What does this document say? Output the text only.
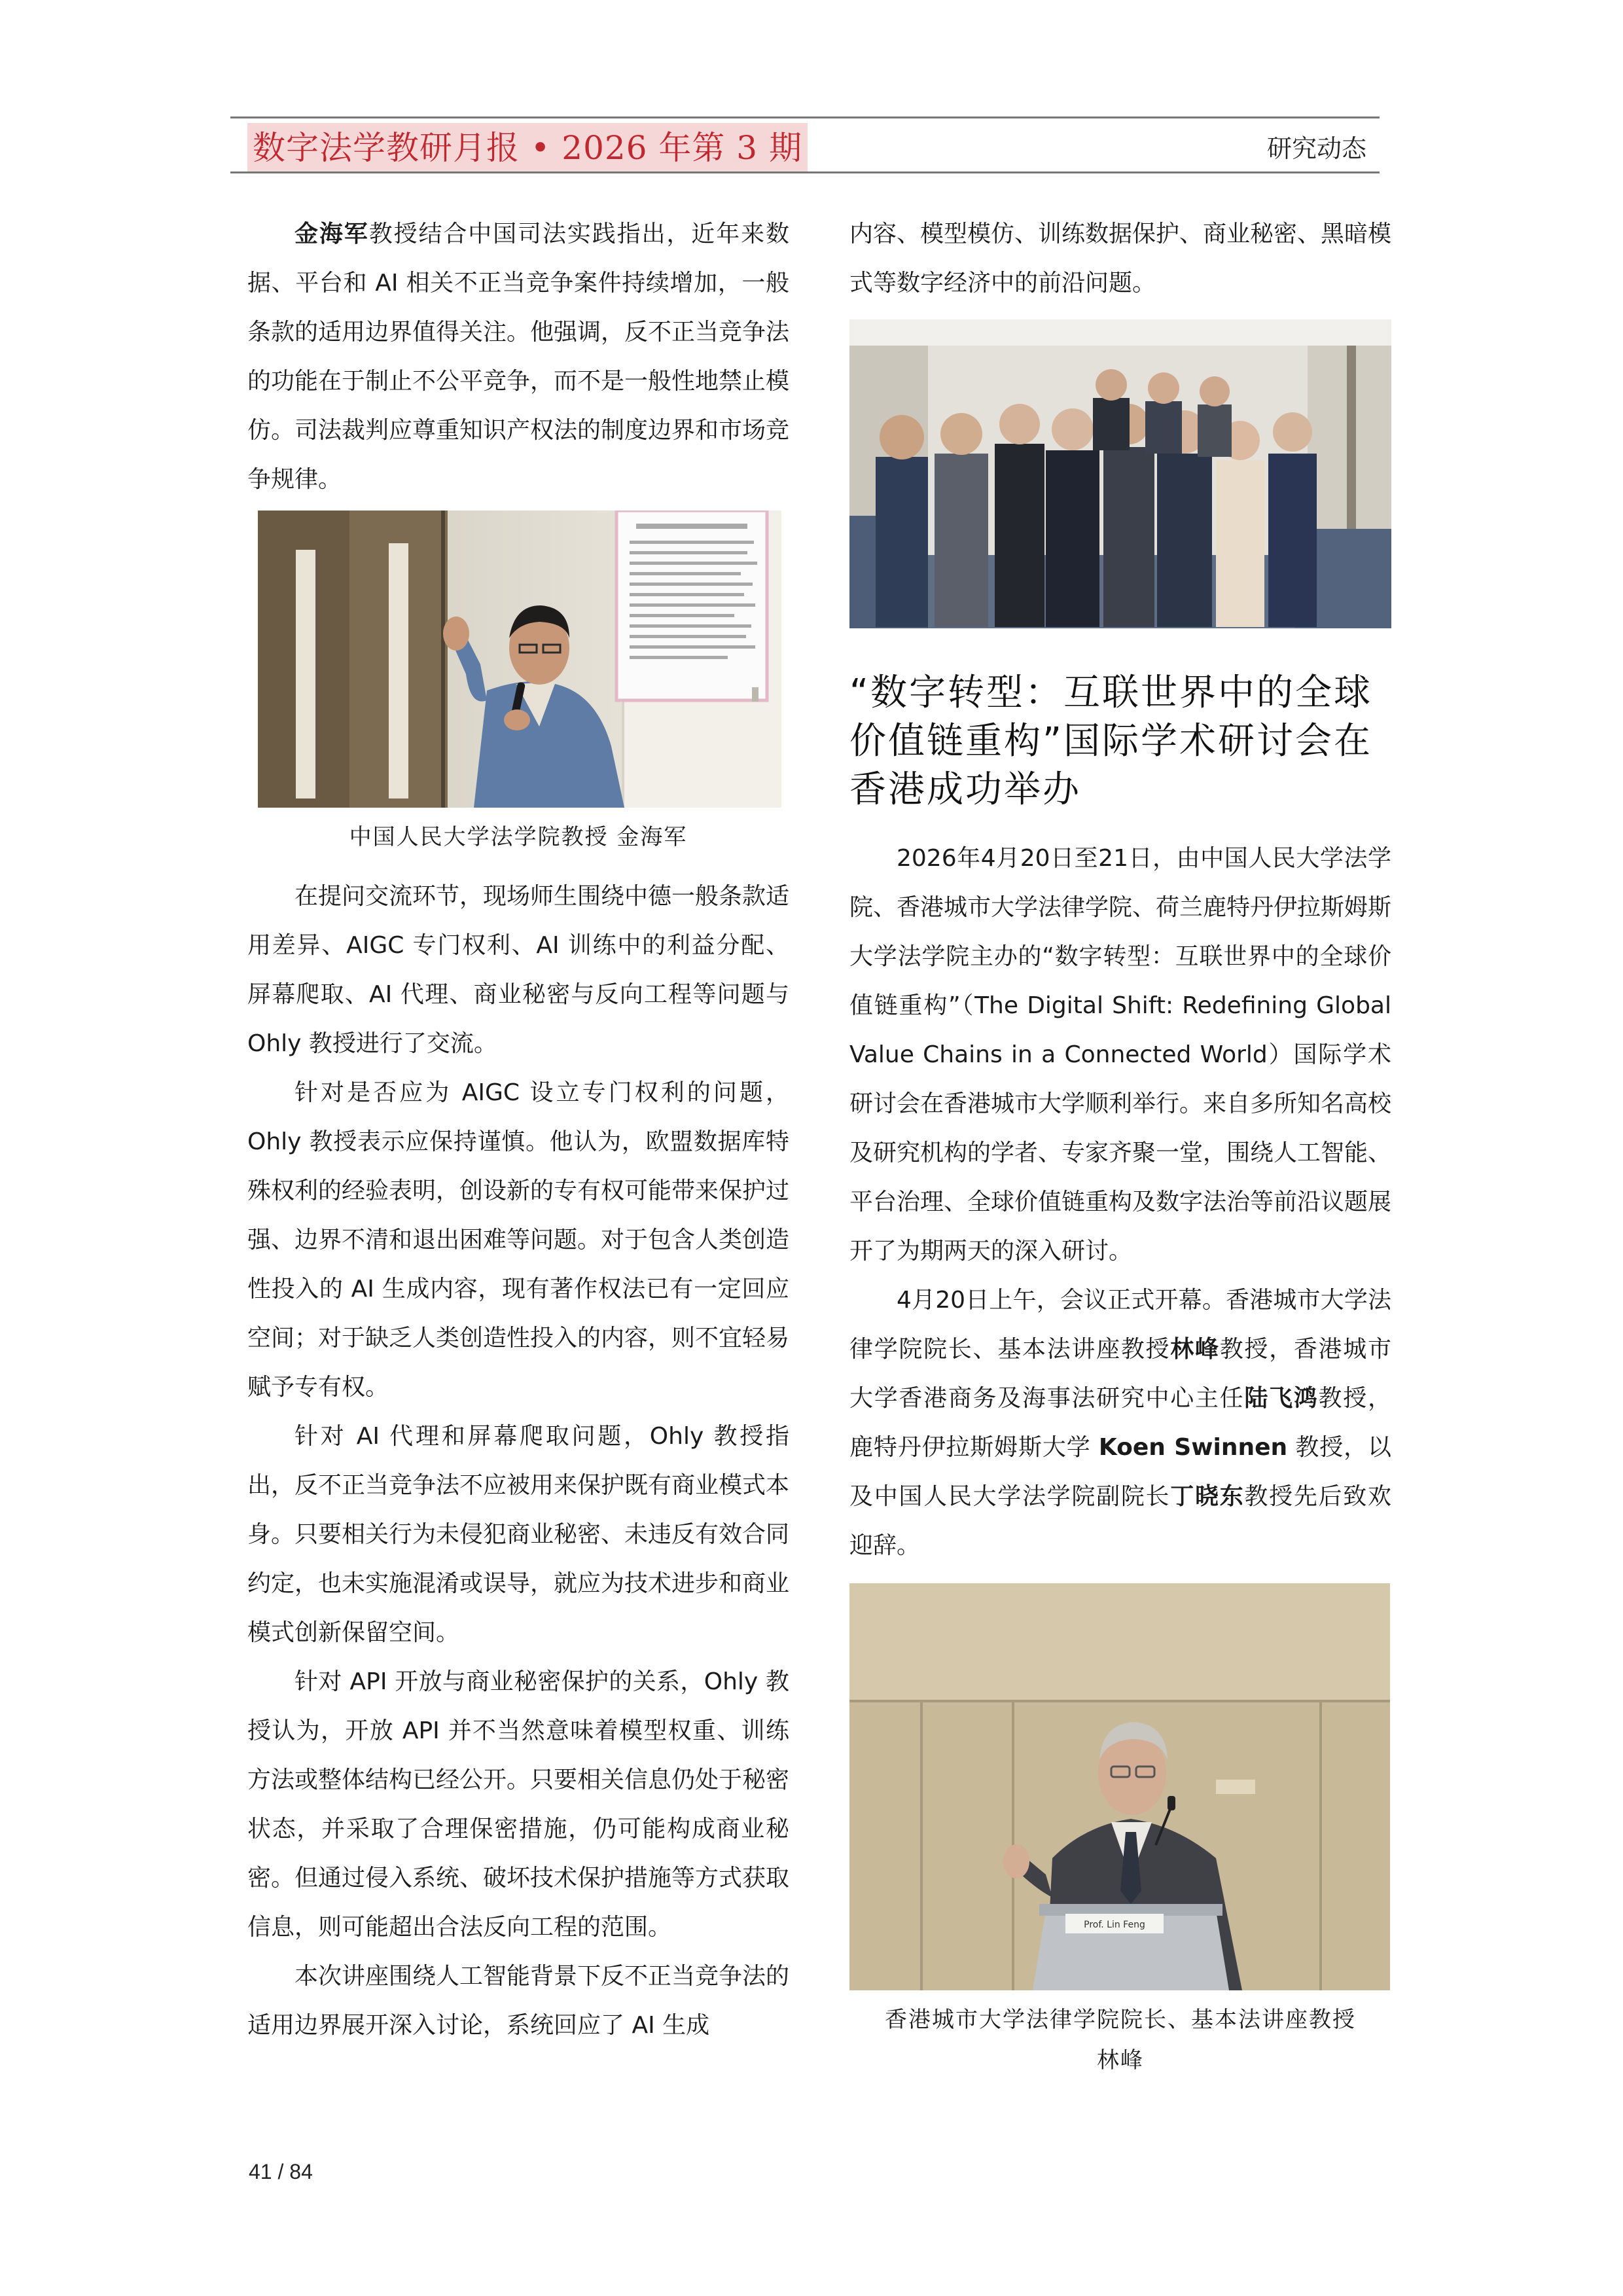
数字法学教研月报 • 2026 年第 3 期	研究动态

金海军教授结合中国司法实践指出，近年来数据、平台和 AI 相关不正当竞争案件持续增加，一般条款的适用边界值得关注。他强调，反不正当竞争法的功能在于制止不公平竞争，而不是一般性地禁止模仿。司法裁判应尊重知识产权法的制度边界和市场竞争规律。

中国人民大学法学院教授 金海军

在提问交流环节，现场师生围绕中德一般条款适用差异、AIGC 专门权利、AI 训练中的利益分配、屏幕爬取、AI 代理、商业秘密与反向工程等问题与 Ohly 教授进行了交流。

针对是否应为 AIGC 设立专门权利的问题，Ohly 教授表示应保持谨慎。他认为，欧盟数据库特殊权利的经验表明，创设新的专有权可能带来保护过强、边界不清和退出困难等问题。对于包含人类创造性投入的 AI 生成内容，现有著作权法已有一定回应空间；对于缺乏人类创造性投入的内容，则不宜轻易赋予专有权。

针对 AI 代理和屏幕爬取问题，Ohly 教授指出，反不正当竞争法不应被用来保护既有商业模式本身。只要相关行为未侵犯商业秘密、未违反有效合同约定，也未实施混淆或误导，就应为技术进步和商业模式创新保留空间。

针对 API 开放与商业秘密保护的关系，Ohly 教授认为，开放 API 并不当然意味着模型权重、训练方法或整体结构已经公开。只要相关信息仍处于秘密状态，并采取了合理保密措施，仍可能构成商业秘密。但通过侵入系统、破坏技术保护措施等方式获取信息，则可能超出合法反向工程的范围。

本次讲座围绕人工智能背景下反不正当竞争法的适用边界展开深入讨论，系统回应了 AI 生成

内容、模型模仿、训练数据保护、商业秘密、黑暗模式等数字经济中的前沿问题。

“数字转型：互联世界中的全球价值链重构”国际学术研讨会在香港成功举办

2026年4月20日至21日，由中国人民大学法学院、香港城市大学法律学院、荷兰鹿特丹伊拉斯姆斯大学法学院主办的“数字转型：互联世界中的全球价值链重构”（The Digital Shift: Redefining Global Value Chains in a Connected World）国际学术研讨会在香港城市大学顺利举行。来自多所知名高校及研究机构的学者、专家齐聚一堂，围绕人工智能、平台治理、全球价值链重构及数字法治等前沿议题展开了为期两天的深入研讨。

4月20日上午，会议正式开幕。香港城市大学法律学院院长、基本法讲座教授林峰教授，香港城市大学香港商务及海事法研究中心主任陆飞鸿教授，鹿特丹伊拉斯姆斯大学 Koen Swinnen 教授，以及中国人民大学法学院副院长丁晓东教授先后致欢迎辞。

Prof. Lin Feng
香港城市大学法律学院院长、基本法讲座教授 林峰
41 / 84
